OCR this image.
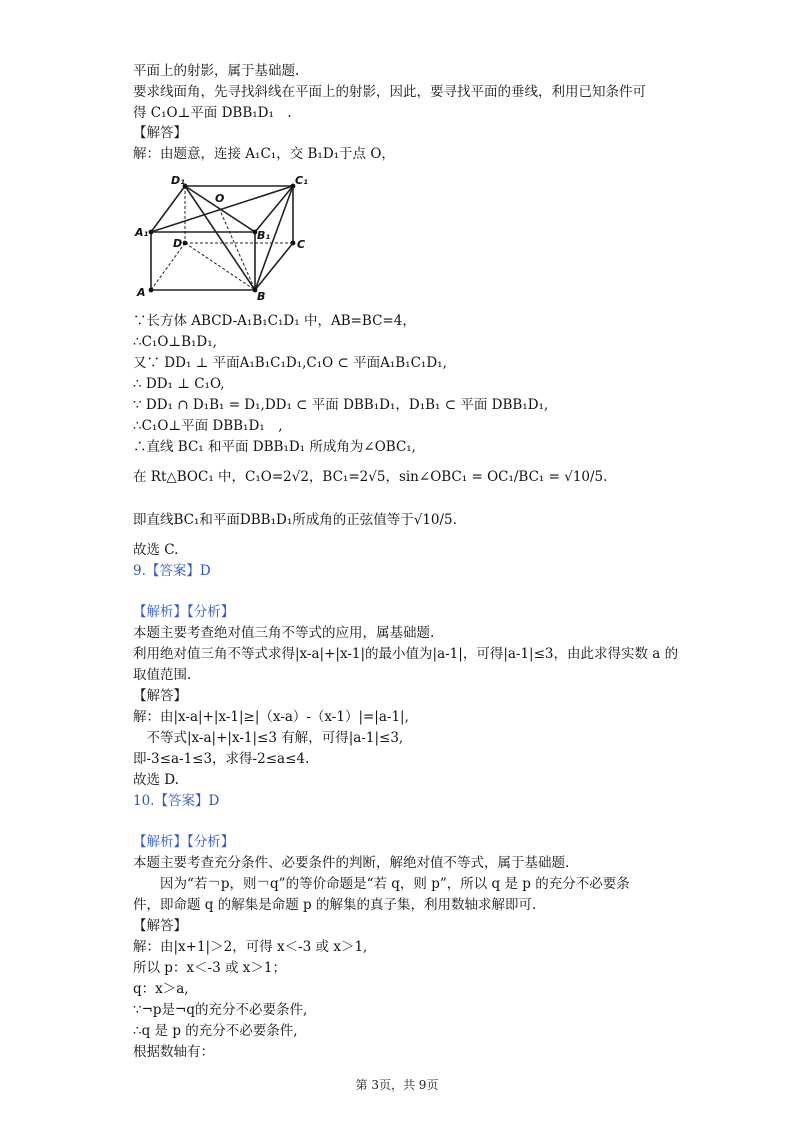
平面上的射影，属于基础题.
要求线面角，先寻找斜线在平面上的射影，因此，要寻找平面的垂线，利用已知条件可
得 C₁O⊥平面 DBB₁D₁　.
【解答】
解：由题意，连接 A₁C₁，交 B₁D₁于点 O，
∵长方体 ABCD-A₁B₁C₁D₁ 中，AB=BC=4，
∴C₁O⊥B₁D₁,
又∵ DD₁ ⊥ 平面A₁B₁C₁D₁,C₁O ⊂ 平面A₁B₁C₁D₁,
∴ DD₁ ⊥ C₁O,
∵ DD₁ ∩ D₁B₁ = D₁,DD₁ ⊂ 平面 DBB₁D₁，D₁B₁ ⊂ 平面 DBB₁D₁,
∴C₁O⊥平面 DBB₁D₁　,
∴直线 BC₁ 和平面 DBB₁D₁ 所成角为∠OBC₁,
在 Rt△BOC₁ 中，C₁O=2√2，BC₁=2√5，sin∠OBC₁ = OC₁/BC₁ = √10/5.
即直线BC₁和平面DBB₁D₁所成角的正弦值等于√10/5.
故选 C.
9.【答案】D
【解析】【分析】
本题主要考查绝对值三角不等式的应用，属基础题.
利用绝对值三角不等式求得|x-a|+|x-1|的最小值为|a-1|，可得|a-1|≤3，由此求得实数 a 的
取值范围.
【解答】
解：由|x-a|+|x-1|≥|（x-a）-（x-1）|=|a-1|,
　不等式|x-a|+|x-1|≤3 有解，可得|a-1|≤3,
即-3≤a-1≤3，求得-2≤a≤4.
故选 D.
10.【答案】D
【解析】【分析】
本题主要考查充分条件、必要条件的判断，解绝对值不等式，属于基础题.
　　因为“若￢p，则￢q”的等价命题是“若 q，则 p”，所以 q 是 p 的充分不必要条
件，即命题 q 的解集是命题 p 的解集的真子集，利用数轴求解即可.
【解答】
解：由|x+1|＞2，可得 x＜-3 或 x＞1,
所以 p：x＜-3 或 x＞1；
q：x＞a,
∵¬p是¬q的充分不必要条件,
∴q 是 p 的充分不必要条件,
根据数轴有：
D₁	C₁
O
A₁
D
B₁
C
A	B
第 3页，共 9页
